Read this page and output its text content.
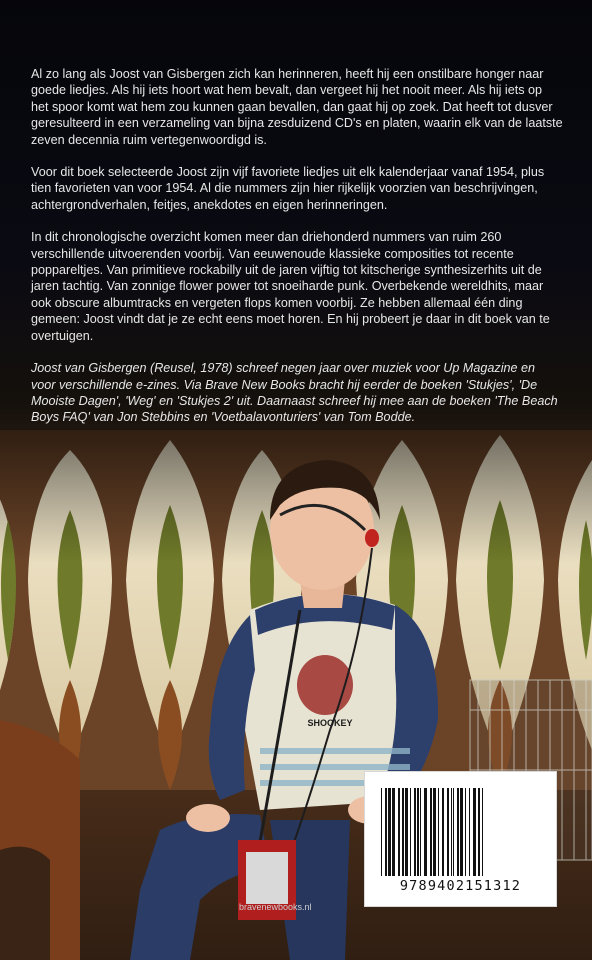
SHOOKEY

Al zo lang als Joost van Gisbergen zich kan herinneren, heeft hij een onstilbare honger naar goede liedjes. Als hij iets hoort wat hem bevalt, dan vergeet hij het nooit meer. Als hij iets op het spoor komt wat hem zou kunnen gaan bevallen, dan gaat hij op zoek. Dat heeft tot dusver geresulteerd in een verzameling van bijna zesduizend CD's en platen, waarin elk van de laatste zeven decennia ruim vertegenwoordigd is.

Voor dit boek selecteerde Joost zijn vijf favoriete liedjes uit elk kalenderjaar vanaf 1954, plus tien favorieten van voor 1954. Al die nummers zijn hier rijkelijk voorzien van beschrijvingen, achtergrondverhalen, feitjes, anekdotes en eigen herinneringen.

In dit chronologische overzicht komen meer dan driehonderd nummers van ruim 260 verschillende uitvoerenden voorbij. Van eeuwenoude klassieke composities tot recente poppareltjes. Van primitieve rockabilly uit de jaren vijftig tot kitscherige synthesizerhits uit de jaren tachtig. Van zonnige flower power tot snoeiharde punk. Overbekende wereldhits, maar ook obscure albumtracks en vergeten flops komen voorbij. Ze hebben allemaal één ding gemeen: Joost vindt dat je ze echt eens moet horen. En hij probeert je daar in dit boek van te overtuigen.

Joost van Gisbergen (Reusel, 1978) schreef negen jaar over muziek voor Up Magazine en voor verschillende e-zines. Via Brave New Books bracht hij eerder de boeken 'Stukjes', 'De Mooiste Dagen', 'Weg' en 'Stukjes 2' uit. Daarnaast schreef hij mee aan de boeken 'The Beach Boys FAQ' van Jon Stebbins en 'Voetbalavonturiers' van Tom Bodde.

9789402151312
bravenewbooks.nl
